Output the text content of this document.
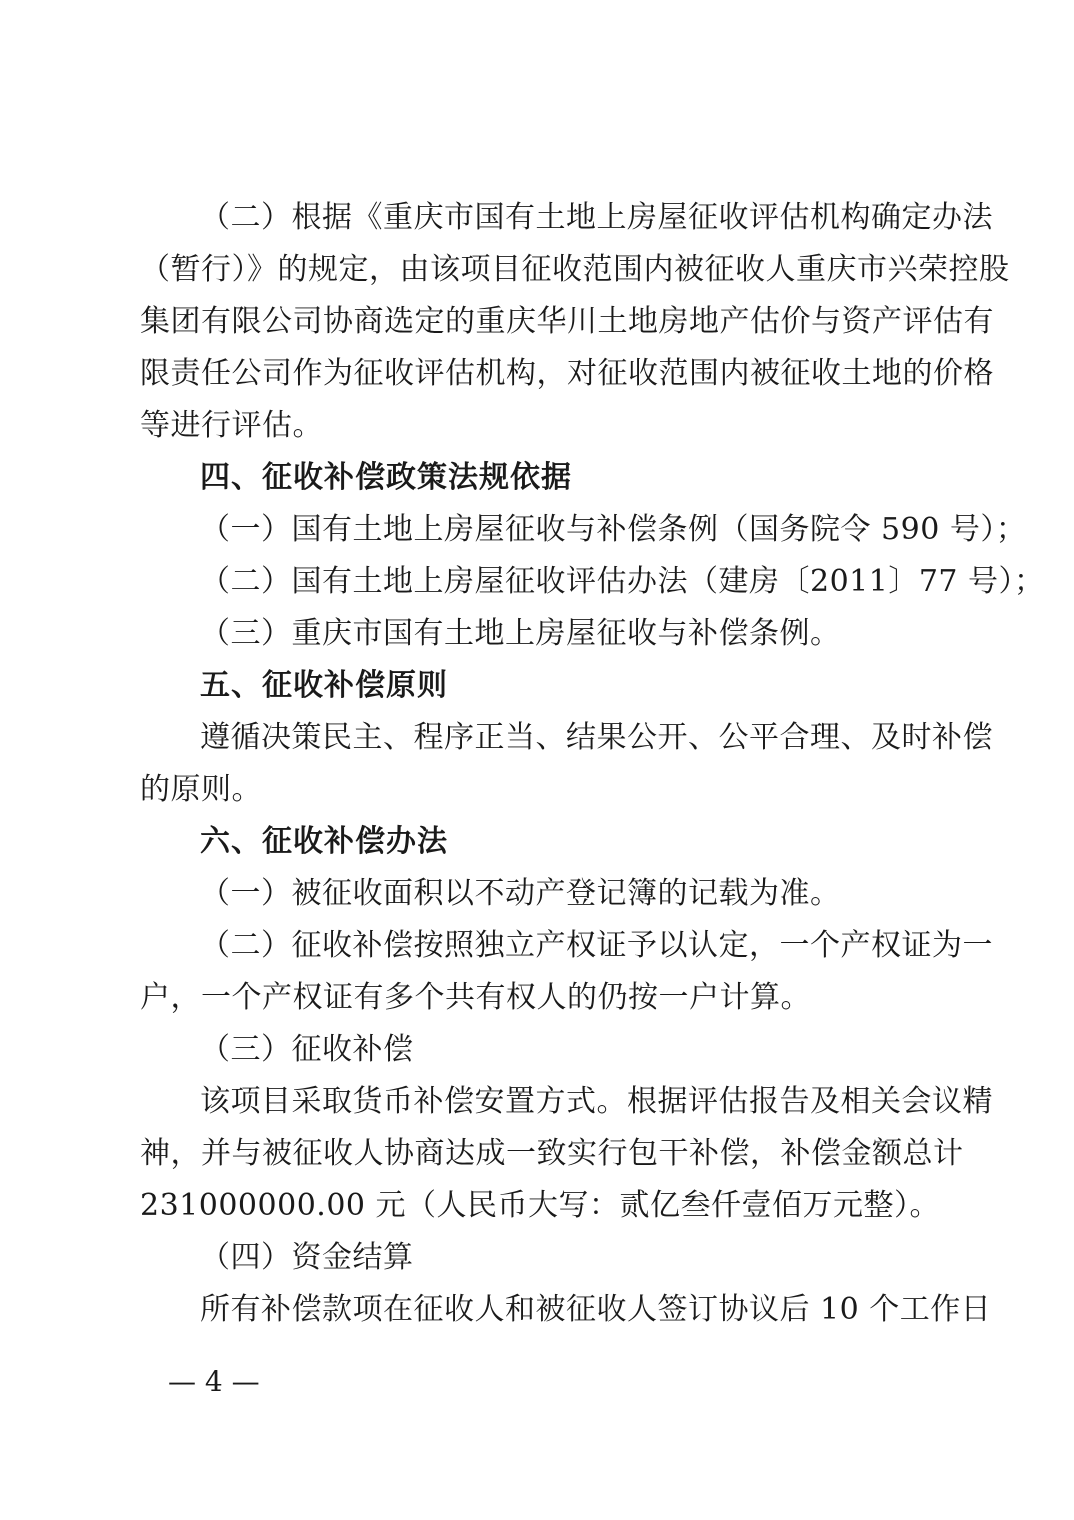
（二）根据《重庆市国有土地上房屋征收评估机构确定办法
（暂行）》的规定，由该项目征收范围内被征收人重庆市兴荣控股
集团有限公司协商选定的重庆华川土地房地产估价与资产评估有
限责任公司作为征收评估机构，对征收范围内被征收土地的价格
等进行评估。
四、征收补偿政策法规依据
（一）国有土地上房屋征收与补偿条例（国务院令 590 号）；
（二）国有土地上房屋征收评估办法（建房〔2011〕77 号）；
（三）重庆市国有土地上房屋征收与补偿条例。
五、征收补偿原则
遵循决策民主、程序正当、结果公开、公平合理、及时补偿
的原则。
六、征收补偿办法
（一）被征收面积以不动产登记簿的记载为准。
（二）征收补偿按照独立产权证予以认定，一个产权证为一
户，一个产权证有多个共有权人的仍按一户计算。
（三）征收补偿
该项目采取货币补偿安置方式。根据评估报告及相关会议精
神，并与被征收人协商达成一致实行包干补偿，补偿金额总计
231000000.00 元（人民币大写：贰亿叁仟壹佰万元整）。
（四）资金结算
所有补偿款项在征收人和被征收人签订协议后 10 个工作日
— 4 —
